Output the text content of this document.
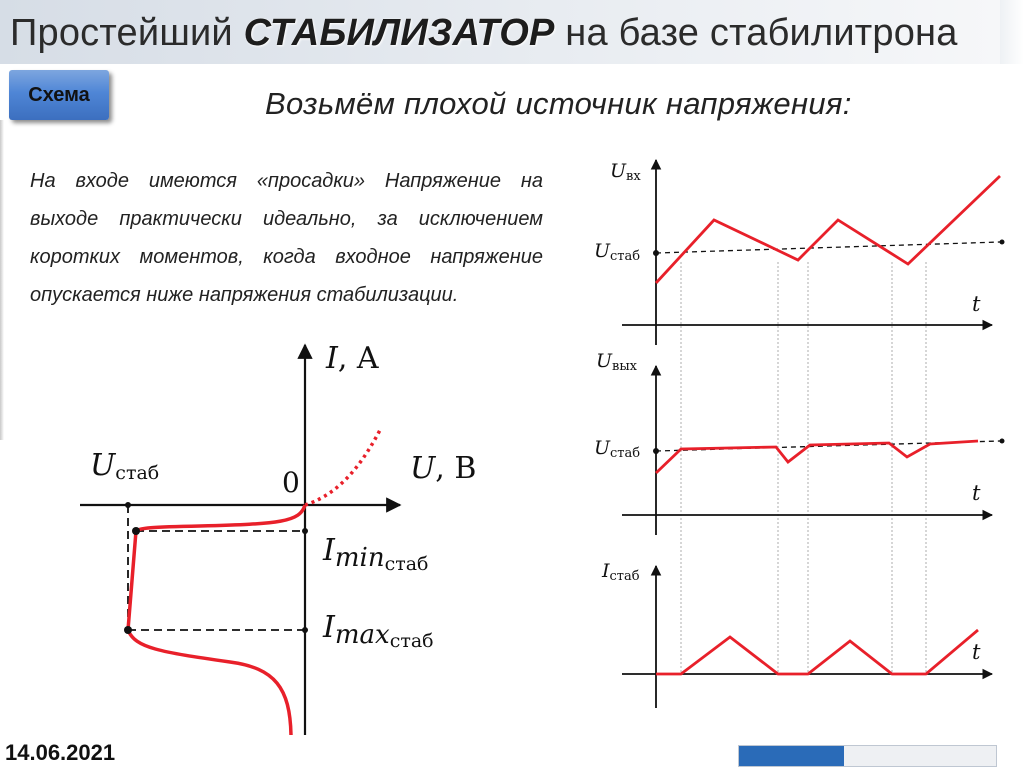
Простейший СТАБИЛИЗАТОР на базе стабилитрона
Схема	Возьмём плохой источник напряжения:
На входе имеются «просадки» Напряжение на выходе практически идеально, за исключением коротких моментов, когда входное напряжение опускается ниже напряжения стабилизации.
I, A
U, B
0
Uстаб
Iminстаб
Imaxстаб
Uвх
Uстаб
t
Uвых
Uстаб
t
Iстаб
t
14.06.2021
